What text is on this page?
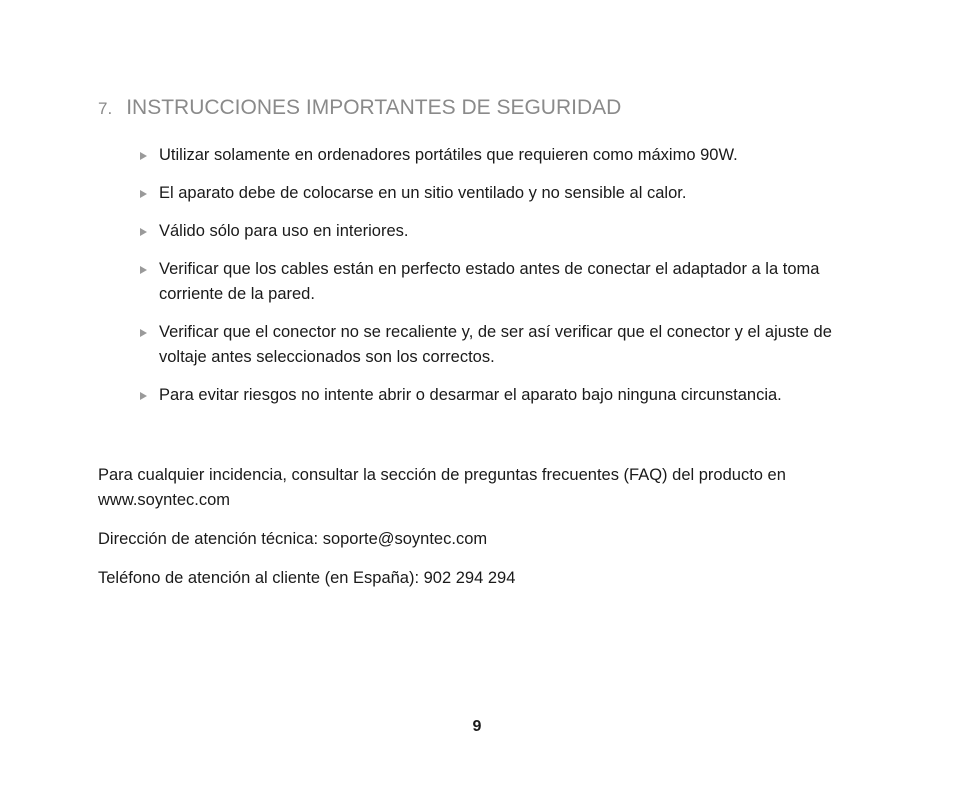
7. INSTRUCCIONES IMPORTANTES DE SEGURIDAD
Utilizar solamente en ordenadores portátiles que requieren como máximo 90W.
El aparato debe de colocarse en un sitio ventilado y no sensible al calor.
Válido sólo para uso en interiores.
Verificar que los cables están en perfecto estado antes de conectar el adaptador a la toma corriente de la pared.
Verificar que el conector no se recaliente y, de ser así verificar que el conector y el ajuste de voltaje antes seleccionados son los correctos.
Para evitar riesgos no intente abrir o desarmar el aparato bajo ninguna circunstancia.

Para cualquier incidencia, consultar la sección de preguntas frecuentes (FAQ) del producto en www.soyntec.com

Dirección de atención técnica: soporte@soyntec.com

Teléfono de atención al cliente (en España): 902 294 294

9
